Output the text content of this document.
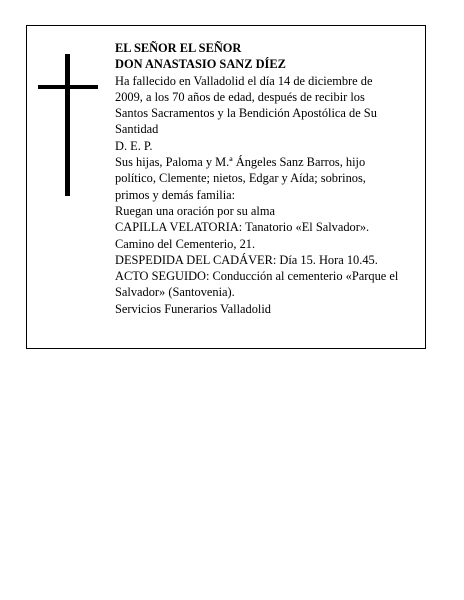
EL SEÑOR EL SEÑOR

DON ANASTASIO SANZ DÍEZ

Ha fallecido en Valladolid el día 14 de diciembre de

2009, a los 70 años de edad, después de recibir los

Santos Sacramentos y la Bendición Apostólica de Su

Santidad

D. E. P.

Sus hijas, Paloma y M.ª Ángeles Sanz Barros, hijo

político, Clemente; nietos, Edgar y Aída; sobrinos,

primos y demás familia:

Ruegan una oración por su alma

CAPILLA VELATORIA: Tanatorio «El Salvador».

Camino del Cementerio, 21.

DESPEDIDA DEL CADÁVER: Día 15. Hora 10.45.

ACTO SEGUIDO: Conducción al cementerio «Parque el

Salvador» (Santovenia).

Servicios Funerarios Valladolid
